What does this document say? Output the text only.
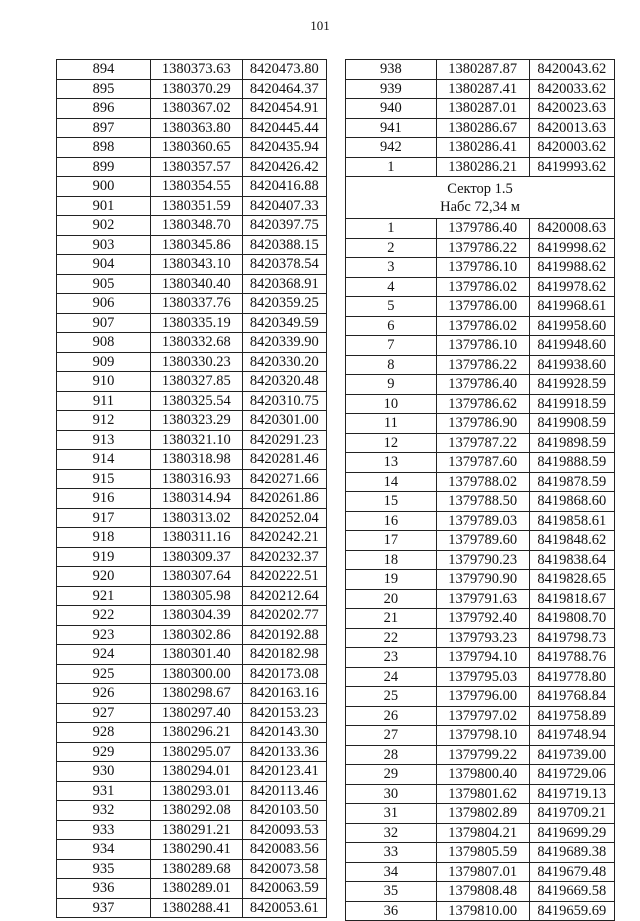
101
894	1380373.63	8420473.80
895	1380370.29	8420464.37
896	1380367.02	8420454.91
897	1380363.80	8420445.44
898	1380360.65	8420435.94
899	1380357.57	8420426.42
900	1380354.55	8420416.88
901	1380351.59	8420407.33
902	1380348.70	8420397.75
903	1380345.86	8420388.15
904	1380343.10	8420378.54
905	1380340.40	8420368.91
906	1380337.76	8420359.25
907	1380335.19	8420349.59
908	1380332.68	8420339.90
909	1380330.23	8420330.20
910	1380327.85	8420320.48
911	1380325.54	8420310.75
912	1380323.29	8420301.00
913	1380321.10	8420291.23
914	1380318.98	8420281.46
915	1380316.93	8420271.66
916	1380314.94	8420261.86
917	1380313.02	8420252.04
918	1380311.16	8420242.21
919	1380309.37	8420232.37
920	1380307.64	8420222.51
921	1380305.98	8420212.64
922	1380304.39	8420202.77
923	1380302.86	8420192.88
924	1380301.40	8420182.98
925	1380300.00	8420173.08
926	1380298.67	8420163.16
927	1380297.40	8420153.23
928	1380296.21	8420143.30
929	1380295.07	8420133.36
930	1380294.01	8420123.41
931	1380293.01	8420113.46
932	1380292.08	8420103.50
933	1380291.21	8420093.53
934	1380290.41	8420083.56
935	1380289.68	8420073.58
936	1380289.01	8420063.59
937	1380288.41	8420053.61
938	1380287.87	8420043.62
939	1380287.41	8420033.62
940	1380287.01	8420023.63
941	1380286.67	8420013.63
942	1380286.41	8420003.62
1	1380286.21	8419993.62

Сектор 1.5
Набс 72,34 м		

1	1379786.40	8420008.63
2	1379786.22	8419998.62
3	1379786.10	8419988.62
4	1379786.02	8419978.62
5	1379786.00	8419968.61
6	1379786.02	8419958.60
7	1379786.10	8419948.60
8	1379786.22	8419938.60
9	1379786.40	8419928.59
10	1379786.62	8419918.59
11	1379786.90	8419908.59
12	1379787.22	8419898.59
13	1379787.60	8419888.59
14	1379788.02	8419878.59
15	1379788.50	8419868.60
16	1379789.03	8419858.61
17	1379789.60	8419848.62
18	1379790.23	8419838.64
19	1379790.90	8419828.65
20	1379791.63	8419818.67
21	1379792.40	8419808.70
22	1379793.23	8419798.73
23	1379794.10	8419788.76
24	1379795.03	8419778.80
25	1379796.00	8419768.84
26	1379797.02	8419758.89
27	1379798.10	8419748.94
28	1379799.22	8419739.00
29	1379800.40	8419729.06
30	1379801.62	8419719.13
31	1379802.89	8419709.21
32	1379804.21	8419699.29
33	1379805.59	8419689.38
34	1379807.01	8419679.48
35	1379808.48	8419669.58
36	1379810.00	8419659.69
